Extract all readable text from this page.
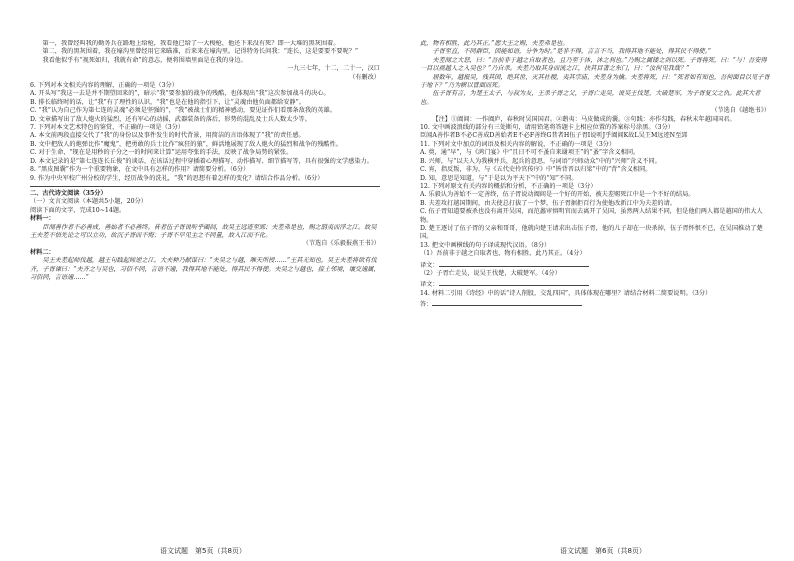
第一，我曾经叫我的勤务兵在路地上给枪，我看他已给了一大梭枪，他还下来没有死？即一大堆的黑灰围着。

第二，我的黑灰围着，我在壕沟里曾经用它来瞄准，后来来在壕沟里。记得特务长问我：“连长，这是要要不要呢？”

我看他似乎有“视死如归，我就有命”的意志，便将围墙里面是在我的身边。

一九三七年，十二，二十一，汉口

（有删改）

6. 下列对本文相关内容的理解，正确的一项是（3分）

A. 开头写“我这一去是并不期望回来的”，暗示“我”要参加的战争的残酷，也体现出“我”这次参加战斗的决心。

B. 排长临终时的话，让“我”有了理性的认识，“我”也是在他的指引下，让“灵魂由他负面都给安静”。

C. “我”认为自己作为第七连的灵魂“必须是坚强的”，“我”被战士们的精神感动，要见证作们看那条敌我的英雄。

D. 文章描写出了敌人炮火的猛烈，还有军心的动摇，武器装备的落后，形势的混乱及士兵人数太少等。

7. 下列对本文艺术特色的鉴赏，不正确的一项是（3分）

A. 本文前两段直接交代了“我”的身份以及事件发生的时代背景，用简洁的言语体现了“我”的责任感。

B. 文中把敌人的炮弹比作“魔鬼”，把勇敢的兵士比作“疯狂的狼”，鲜活地展现了敌人炮火的猛烈和战争的残酷性。

C. 对于生命，“现在是用秒的子分之一的时间来计算”运用夸张的手法，反映了战争局势的紧张。

D. 本文记录的是“第七连连长丘俊”的谈话，在该话过程中穿插着心理描写、动作描写、细节描写等，具有很强的文学感染力。

8. “黑皮图囊”作为一个重要物象，在文中具有怎样的作用？请简要分析。（6分）

9. 作为中央军校广州分校的学生，经历战争的洗礼，“我”的思想有着怎样的变化？请结合作品分析。（6分）

二、古代诗文阅读（35分）

（一）文言文阅读（本题共5小题，20分）

阅读下面的文字，完成10~14题。

材料一：

臣闻善作者不必善成，善始者不必善终。昔者伍子胥说听乎阖闾，故吴王远迹至郢；夫差弗是也，赐之鸱夷而浮之江。故吴王夫差不悟先论之可以立功，故沉子胥而不悔；子胥不早见主之不同量，故入江而不化。

（节选自《乐毅报燕王书》）

材料二：

吴王夫差起师伐越，越王句践起师逆之江。大夫种乃献谋曰：“夫吴之与越，唯天所授……”王其无知也，吴王夫差将欲有伐齐，子胥谏曰：“夫齐之与吴也，习俗不同，言语不通，我得其地不能处，得其民不得使。夫吴之与越也，接土邻境，壤交通属，习俗同，言语通……”

此，物有相胜，此乃其正。”愿大王之赐，夫差弗是也。

子胥至直，不同群臣，因能如语，分争为时。”是非不得，言言不当，我得其地不能处，得其民不得使。”

夫差闻之大怒，曰：“吾前非于越之自取者也，且乃至于沐，沐之利也。”乃赐之属镂之剑以死。子胥将死，曰：“与！吾安得一目以视越人之入吴也？”乃自杀。夫差乃取其身而流之江，抉其目著之东门，曰：“汝何见我哉？”

居数年，越报吴，残其国，绝其世，灭其社稷，夷其宗庙，夫差身为擒。夫差将死，曰：“死者如有知也，吾何面目以见子胥于地下？”乃为幎以冒面而死。

伍子胥有言，为楚王太子，与叔为友，王杀子胥之父，子胥亡走吴，说吴王伐楚，大破楚军，为子胥复父之仇。此其大者也。

（节选自《越绝书》）

【注】①阖闾：一作阖庐，春秋时吴国国君。②鸱夷：马皮做成的囊。③句践：亦作勾践，春秋末年越国国君。

10. 文中画波浪线的部分有三处断句，请用铅笔将答题卡上相应位置的答案标号涂黑。（3分）

臣闻A善作者B不必C善成D善始者E不必F善终G昔者H伍子胥I说听J乎阖闾K故L吴王M远迹N至郢

11. 下列对文中加点的词语及相关内容的解说，不正确的一项是（3分）

A. 奠，通“早”，与《鸿门宴》中“且日不可不蚤自来谢项王”的“蚤”字含义相同。

B. 兴师，与“以夫人为我横并兵，起兵的意思，与词语“兴师动众”中的“兴师”含义不同。

C. 宵，指反叛，非为，与《五代史伶官传序》中“皆背晋以归梁”中的“背”含义相同。

D. 知，意思是知道，与“于是以为平天下”中的“知”不同。

12. 下列对原文有关内容的概括和分析，不正确的一项是（3分）

A. 乐毅认为善始不一定善终，伍子胥说动阖闾是一个好的开始，被夫差赐死江中是一个不好的结局。

B. 夫差攻打越国期间，由夫使总打拔了一个梦，伍子胥据拒百行为使他改新江中为夫差的请。

C. 伍子胥知道要被杀也没有离开吴国，而范蠡审慎明官而去离开了吴国，虽然两人结果不同，但是他们两人都是越国的伟大人物。

D. 楚王逐讨了伍子胥的父亲和哥哥，他就向楚王请求出击伍子胥，他的儿子却在一块杀掉，伍子胥怀恨不已，在吴国推动了楚国。

13. 把文中画横线的句子译成现代汉语。（8分）

（1）吾前非于越之自取者也，物有相胜，此乃其正。（4分）

译文：

（2）子胥亡走吴，说吴王伐楚，大破楚军。（4分）

译文：

14. 材料二引用《诗经》中的话“诗人削股，交乱四国”，具体体现在哪里？请结合材料二简要说明。（3分）

答：

语文试题　第5页（共8页）	语文试题　第6页（共8页）
